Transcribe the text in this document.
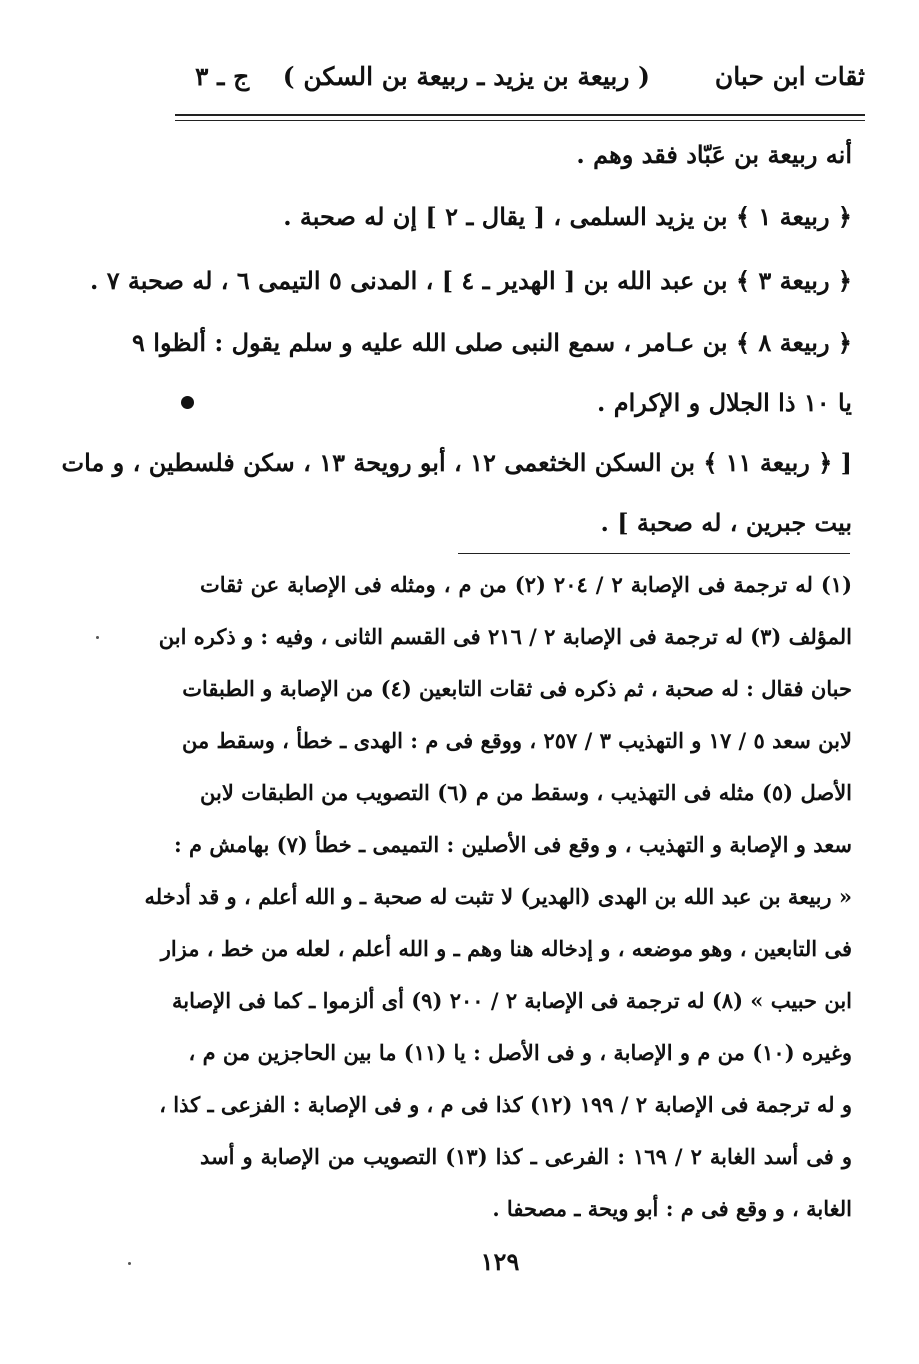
ثقات ابن حبان
( ربيعة بن يزيد ـ ربيعة بن السكن )
ج ـ ٣
أنه ربيعة بن عَبّاد فقد وهم .
﴿ ربيعة ١ ﴾ بن يزيد السلمى ، [ يقال ـ ٢ ] إن له صحبة .
﴿ ربيعة ٣ ﴾ بن عبد الله بن [ الهدير ـ ٤ ] ، المدنى ٥ التيمى ٦ ، له صحبة ٧ .
﴿ ربيعة ٨ ﴾ بن عـامر ، سمع النبى صلى الله عليه و سلم يقول : ألظوا ٩
يا ١٠ ذا الجلال و الإكرام .
[ ﴿ ربيعة ١١ ﴾ بن السكن الخثعمى ١٢ ، أبو رويحة ١٣ ، سكن فلسطين ، و مات
بيت جبرين ، له صحبة ] .
(١) له ترجمة فى الإصابة ٢ / ٢٠٤ (٢) من م ، ومثله فى الإصابة عن ثقات
المؤلف (٣) له ترجمة فى الإصابة ٢ / ٢١٦ فى القسم الثانى ، وفيه : و ذكره ابن
حبان فقال : له صحبة ، ثم ذكره فى ثقات التابعين (٤) من الإصابة و الطبقات
لابن سعد ٥ / ١٧ و التهذيب ٣ / ٢٥٧ ، ووقع فى م : الهدى ـ خطأ ، وسقط من
الأصل (٥) مثله فى التهذيب ، وسقط من م (٦) التصويب من الطبقات لابن
سعد و الإصابة و التهذيب ، و وقع فى الأصلين : التميمى ـ خطأ (٧) بهامش م :
« ربيعة بن عبد الله بن الهدى (الهدير) لا تثبت له صحبة ـ و الله أعلم ، و قد أدخله
فى التابعين ، وهو موضعه ، و إدخاله هنا وهم ـ و الله أعلم ، لعله من خط ، مزار
ابن حبيب » (٨) له ترجمة فى الإصابة ٢ / ٢٠٠ (٩) أى ألزموا ـ كما فى الإصابة
وغيره (١٠) من م و الإصابة ، و فى الأصل : يا (١١) ما بين الحاجزين من م ،
و له ترجمة فى الإصابة ٢ / ١٩٩ (١٢) كذا فى م ، و فى الإصابة : الفزعى ـ كذا ،
و فى أسد الغابة ٢ / ١٦٩ : الفرعى ـ كذا (١٣) التصويب من الإصابة و أسد
الغابة ، و وقع فى م : أبو ويحة ـ مصحفا .
١٢٩
